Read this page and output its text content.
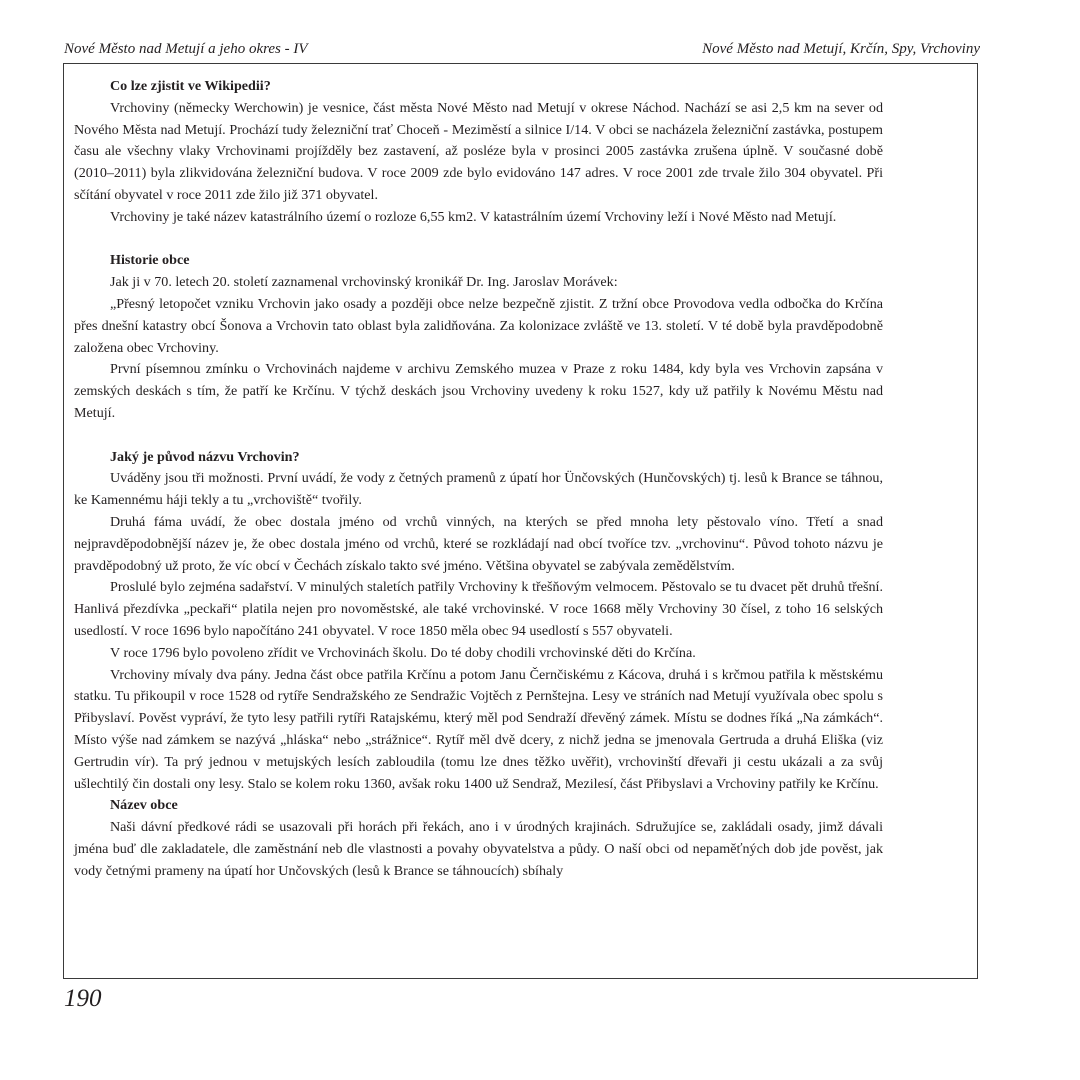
Nové Město nad Metují a jeho okres - IV	Nové Město nad Metují, Krčín, Spy, Vrchoviny
Co lze zjistit ve Wikipedii?

Vrchoviny (německy Werchowin) je vesnice, část města Nové Město nad Metují v okrese Náchod. Nachází se asi 2,5 km na sever od Nového Města nad Metují. Prochází tudy železniční trať Choceň - Meziměstí a silnice I/14. V obci se nacházela železniční zastávka, postupem času ale všechny vlaky Vrchovinami projížděly bez zastavení, až posléze byla v prosinci 2005 zastávka zrušena úplně. V současné době (2010–2011) byla zlikvidována železniční budova. V roce 2009 zde bylo evidováno 147 adres. V roce 2001 zde trvale žilo 304 obyvatel. Při sčítání obyvatel v roce 2011 zde žilo již 371 obyvatel.

Vrchoviny je také název katastrálního území o rozloze 6,55 km2. V katastrálním území Vrchoviny leží i Nové Město nad Metují.

Historie obce

Jak ji v 70. letech 20. století zaznamenal vrchovinský kronikář Dr. Ing. Jaroslav Morávek:

„Přesný letopočet vzniku Vrchovin jako osady a později obce nelze bezpečně zjistit. Z tržní obce Provodova vedla odbočka do Krčína přes dnešní katastry obcí Šonova a Vrchovin tato oblast byla zalidňována. Za kolonizace zvláště ve 13. století. V té době byla pravděpodobně založena obec Vrchoviny.

První písemnou zmínku o Vrchovinách najdeme v archivu Zemského muzea v Praze z roku 1484, kdy byla ves Vrchovin zapsána v zemských deskách s tím, že patří ke Krčínu. V týchž deskách jsou Vrchoviny uvedeny k roku 1527, kdy už patřily k Novému Městu nad Metují.

Jaký je původ názvu Vrchovin?

Uváděny jsou tři možnosti. První uvádí, že vody z četných pramenů z úpatí hor Ünčovských (Hunčovských) tj. lesů k Brance se táhnou, ke Kamennému háji tekly a tu „vrchoviště“ tvořily.

Druhá fáma uvádí, že obec dostala jméno od vrchů vinných, na kterých se před mnoha lety pěstovalo víno. Třetí a snad nejpravděpodobnější název je, že obec dostala jméno od vrchů, které se rozkládají nad obcí tvoříce tzv. „vrchovinu“. Původ tohoto názvu je pravděpodobný už proto, že víc obcí v Čechách získalo takto své jméno. Většina obyvatel se zabývala zemědělstvím.

Proslulé bylo zejména sadařství. V minulých staletích patřily Vrchoviny k třešňovým velmocem. Pěstovalo se tu dvacet pět druhů třešní. Hanlivá přezdívka „peckaři“ platila nejen pro novoměstské, ale také vrchovinské. V roce 1668 měly Vrchoviny 30 čísel, z toho 16 selských usedlostí. V roce 1696 bylo napočítáno 241 obyvatel. V roce 1850 měla obec 94 usedlostí s 557 obyvateli.

V roce 1796 bylo povoleno zřídit ve Vrchovinách školu. Do té doby chodili vrchovinské děti do Krčína.

Vrchoviny mívaly dva pány. Jedna část obce patřila Krčínu a potom Janu Černčiskému z Kácova, druhá i s krčmou patřila k městskému statku. Tu přikoupil v roce 1528 od rytíře Sendražského ze Sendražic Vojtěch z Pernštejna. Lesy ve stráních nad Metují využívala obec spolu s Přibyslaví. Pověst vypráví, že tyto lesy patřili rytíři Ratajskému, který měl pod Sendraží dřevěný zámek. Místu se dodnes říká „Na zámkách“. Místo výše nad zámkem se nazývá „hláska“ nebo „strážnice“. Rytíř měl dvě dcery, z nichž jedna se jmenovala Gertruda a druhá Eliška (viz Gertrudin vír). Ta prý jednou v metujských lesích zabloudila (tomu lze dnes těžko uvěřit), vrchovinští dřevaři ji cestu ukázali a za svůj ušlechtilý čin dostali ony lesy. Stalo se kolem roku 1360, avšak roku 1400 už Sendraž, Mezilesí, část Přibyslavi a Vrchoviny patřily ke Krčínu.

Název obce

Naši dávní předkové rádi se usazovali při horách při řekách, ano i v úrodných krajinách. Sdružujíce se, zakládali osady, jimž dávali jména buď dle zakladatele, dle zaměstnání neb dle vlastnosti a povahy obyvatelstva a půdy. O naší obci od nepaměťných dob jde pověst, jak vody četnými prameny na úpatí hor Unčovských (lesů k Brance se táhnoucích) sbíhaly

190
